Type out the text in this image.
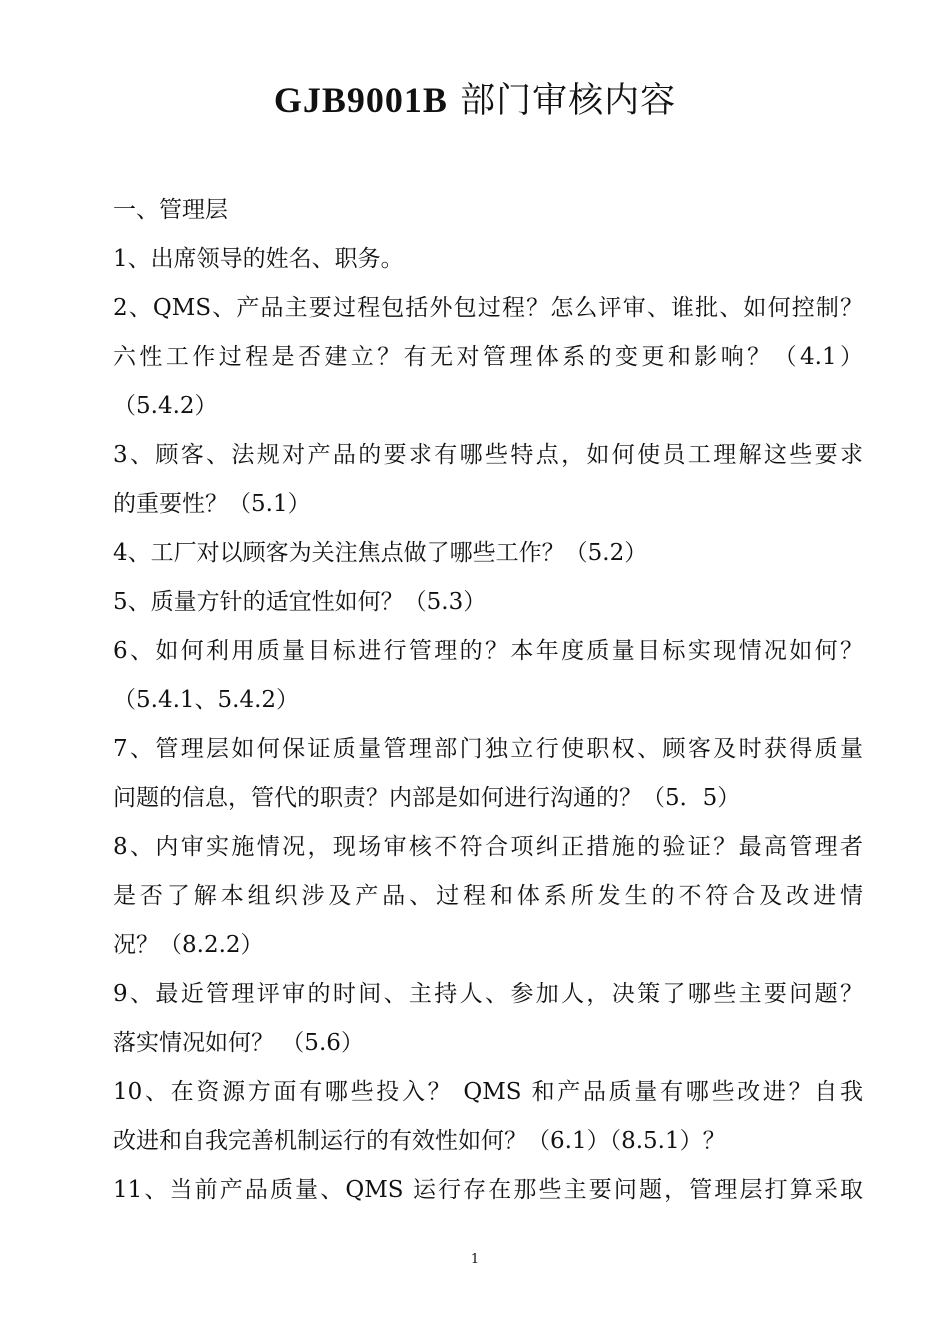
GJB9001B 部门审核内容
一、管理层
1、出席领导的姓名、职务。
2、QMS、产品主要过程包括外包过程？怎么评审、谁批、如何控制？
六性工作过程是否建立？有无对管理体系的变更和影响？（4.1）
（5.4.2）
3、顾客、法规对产品的要求有哪些特点，如何使员工理解这些要求
的重要性？（5.1）
4、工厂对以顾客为关注焦点做了哪些工作？（5.2）
5、质量方针的适宜性如何？（5.3）
6、如何利用质量目标进行管理的？本年度质量目标实现情况如何？
（5.4.1、5.4.2）
7、管理层如何保证质量管理部门独立行使职权、顾客及时获得质量
问题的信息，管代的职责？内部是如何进行沟通的？（5．5）
8、内审实施情况，现场审核不符合项纠正措施的验证？最高管理者
是否了解本组织涉及产品、过程和体系所发生的不符合及改进情
况？（8.2.2）
9、最近管理评审的时间、主持人、参加人，决策了哪些主要问题？
落实情况如何？ （5.6）
10、在资源方面有哪些投入？ QMS 和产品质量有哪些改进？自我
改进和自我完善机制运行的有效性如何？（6.1）（8.5.1）？
11、当前产品质量、QMS 运行存在那些主要问题，管理层打算采取
1
